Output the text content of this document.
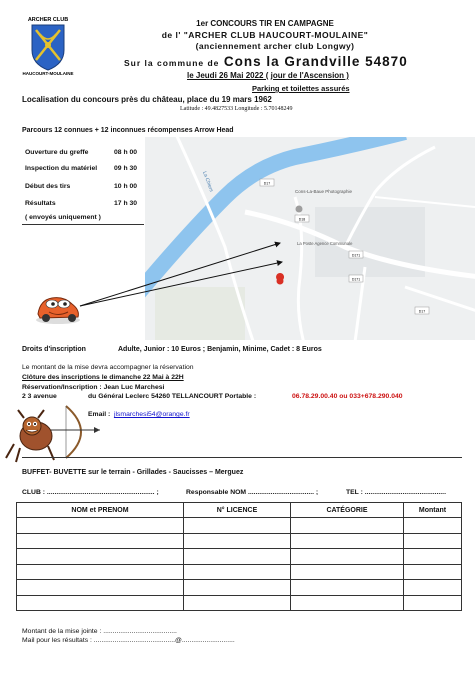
ARCHER CLUB
HAUCOURT-MOULAINE
1er CONCOURS TIR EN CAMPAGNE
de l' "ARCHER CLUB HAUCOURT-MOULAINE"
(anciennement archer club Longwy)
Sur la commune de Cons la Grandville 54870
le Jeudi 26 Mai 2022 ( jour de l'Ascension )
Parking et toilettes assurés
Latitude : 49.4827533 Longitude : 5.70148249
Localisation du concours près du château, place du 19 mars 1962
Parcours 12 connues + 12 inconnues récompenses Arrow Head
Ouverture du greffe	08 h 00
Inspection du matériel 09 h 30
Début des tirs	10 h 00
Résultats	17 h 30
( envoyés uniquement )
D17
D18
D171
D171
D17
La Chiers	Cons-La-Baue Photographie
La Poste Agence Communale
Droits d'inscription	Adulte, Junior : 10 Euros ; Benjamin, Minime, Cadet : 8 Euros
Le montant de la mise devra accompagner la réservation
Clôture des inscriptions le dimanche 22 Mai à 22H
Réservation/Inscription : Jean Luc Marchesi
2 3 avenue	du Général Leclerc 54260 TELLANCOURT Portable :	06.78.29.00.40 ou 033+678.290.040
Email : jlsmarchesi54@orange.fr
BUFFET- BUVETTE sur le terrain - Grillades - Saucisses – Merguez
CLUB : ......................................................... ;	Responsable NOM ................................... ;	TEL : ...........................................
NOM et PRENOM	N° LICENCE	CATÉGORIE	Montant

Montant de la mise jointe : .......................................
Mail pour les résultats : ...........................................@............................
